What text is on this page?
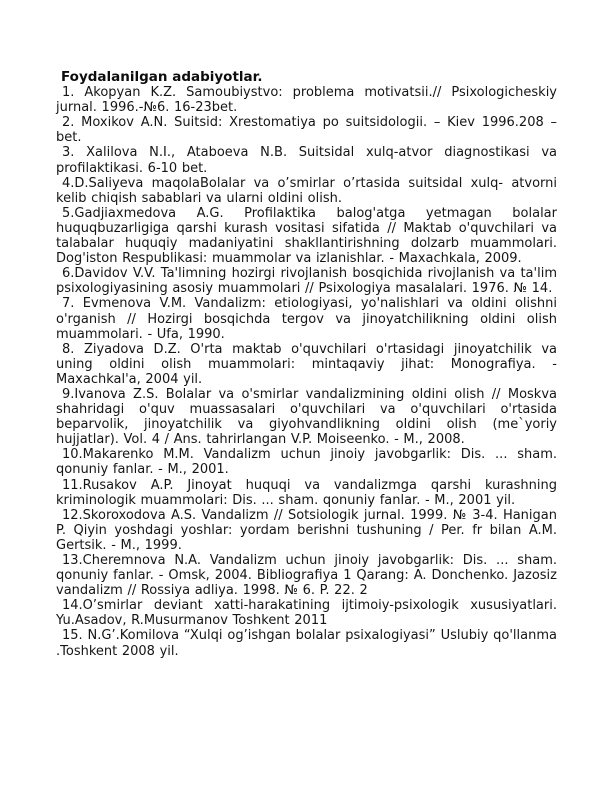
Foydalanilgan adabiyotlar.

1. Akopyan K.Z. Samoubiystvo: problema motivatsii.// Psixologicheskiy jurnal. 1996.-№6. 16-23bet.

2. Moxikov A.N. Suitsid: Xrestomatiya po suitsidologii. – Kiev 1996.208 –bet.

3. Xalilova N.I., Ataboeva N.B. Suitsidal xulq-atvor diagnostikasi va profilaktikasi. 6-10 bet.

4.D.Saliyeva maqolaBolalar va o’smirlar o’rtasida suitsidal xulq- atvorni kelib chiqish sabablari va ularni oldini olish.

5.Gadjiaxmedova A.G. Profilaktika balog'atga yetmagan bolalar huquqbuzarligiga qarshi kurash vositasi sifatida // Maktab o'quvchilari va talabalar huquqiy madaniyatini shakllantirishning dolzarb muammolari. Dog'iston Respublikasi: muammolar va izlanishlar. - Maxachkala, 2009.

6.Davidov V.V. Ta'limning hozirgi rivojlanish bosqichida rivojlanish va ta'lim psixologiyasining asosiy muammolari // Psixologiya masalalari. 1976. № 14.

7. Evmenova V.M. Vandalizm: etiologiyasi, yo'nalishlari va oldini olishni o'rganish // Hozirgi bosqichda tergov va jinoyatchilikning oldini olish muammolari. - Ufa, 1990.

8. Ziyadova D.Z. O'rta maktab o'quvchilari o'rtasidagi jinoyatchilik va uning oldini olish muammolari: mintaqaviy jihat: Monografiya. - Maxachkal'a, 2004 yil.

9.Ivanova Z.S. Bolalar va o'smirlar vandalizmining oldini olish // Moskva shahridagi o'quv muassasalari o'quvchilari va o'quvchilari o'rtasida beparvolik, jinoyatchilik va giyohvandlikning oldini olish (me`yoriy hujjatlar). Vol. 4 / Ans. tahrirlangan V.P. Moiseenko. - M., 2008.

10.Makarenko M.M. Vandalizm uchun jinoiy javobgarlik: Dis. ... sham. qonuniy fanlar. - M., 2001.

11.Rusakov A.P. Jinoyat huquqi va vandalizmga qarshi kurashning kriminologik muammolari: Dis. ... sham. qonuniy fanlar. - M., 2001 yil.

12.Skoroxodova A.S. Vandalizm // Sotsiologik jurnal. 1999. № 3-4. Hanigan P. Qiyin yoshdagi yoshlar: yordam berishni tushuning / Per. fr bilan A.M. Gertsik. - M., 1999.

13.Cheremnova N.A. Vandalizm uchun jinoiy javobgarlik: Dis. ... sham. qonuniy fanlar. - Omsk, 2004. Bibliografiya 1 Qarang: A. Donchenko. Jazosiz vandalizm // Rossiya adliya. 1998. № 6. P. 22. 2

14.O’smirlar deviant xatti-harakatining ijtimoiy-psixologik xususiyatlari. Yu.Asadov, R.Musurmanov Toshkent 2011

15. N.G’.Komilova “Xulqi og’ishgan bolalar psixalogiyasi” Uslubiy qo'llanma .Toshkent 2008 yil.
